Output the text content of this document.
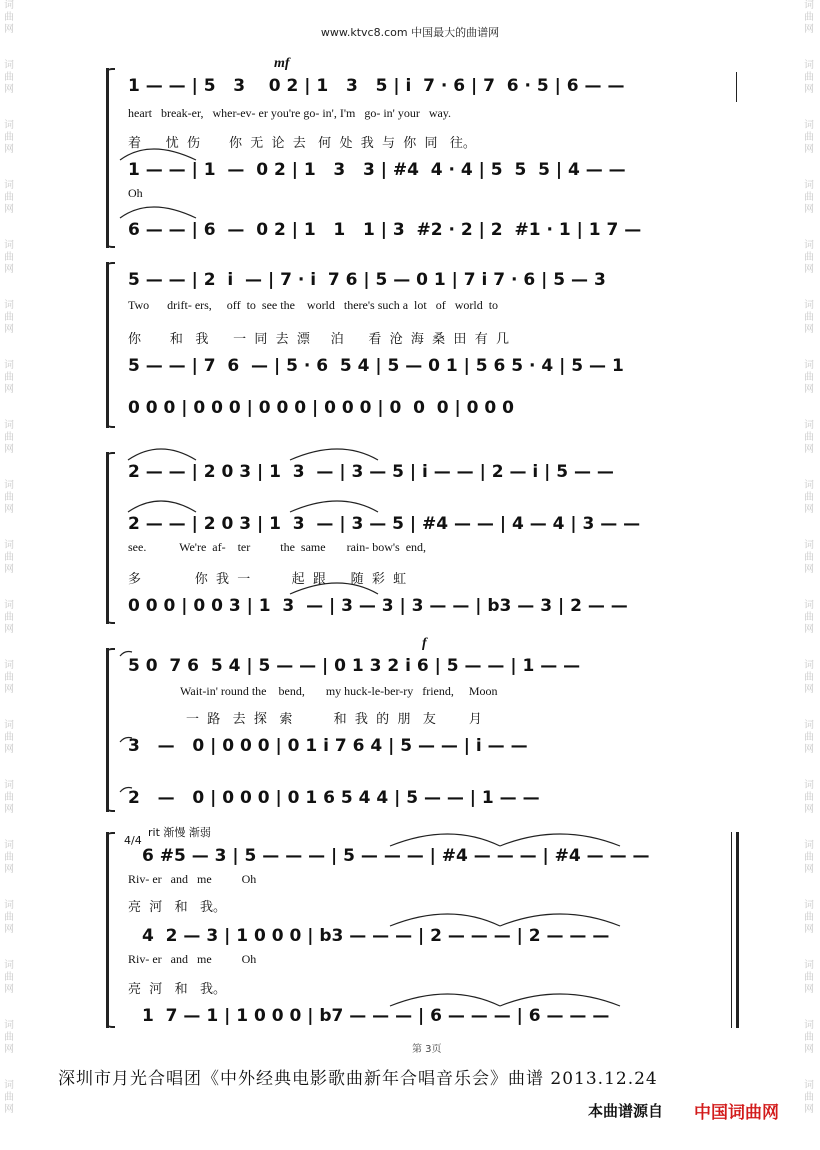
词
曲
网
词
曲
网
词
曲
网
词
曲
网
词
曲
网
词
曲
网
词
曲
网
词
曲
网
词
曲
网
词
曲
网
词
曲
网
词
曲
网
词
曲
网
词
曲
网
词
曲
网
词
曲
网
词
曲
网
词
曲
网
词
曲
网
词
曲
网
词
曲
网
词
曲
网
词
曲
网
词
曲
网
词
曲
网
词
曲
网
词
曲
网
词
曲
网
词
曲
网
词
曲
网
词
曲
网
词
曲
网
词
曲
网
词
曲
网
词
曲
网
词
曲
网
词
曲
网
词
曲
网
www.ktvc8.com 中国最大的曲谱网
mf
1 — — | 5   3    0 2 | 1   3   5 | i  7 · 6 | 7  6 · 5 | 6 — —
heart   break-er,   wher-ev- er you're go- in', I'm   go- in' your   way.
着      忧  伤       你  无  论  去   何  处  我  与  你  同   往。
1 — — | 1  —  0 2 | 1   3   3 | #4  4 · 4 | 5  5  5 | 4 — —
Oh
6 — — | 6  —  0 2 | 1   1   1 | 3  #2 · 2 | 2  #1 · 1 | 1 7 —
5 — — | 2  i  — | 7 · i  7 6 | 5 — 0 1 | 7 i 7 · 6 | 5 — 3
Two      drift- ers,     off  to  see the    world   there's such a  lot   of   world  to
你       和   我      一  同  去  漂     泊      看  沧  海  桑  田  有  几
5 — — | 7  6  — | 5 · 6  5 4 | 5 — 0 1 | 5 6 5 · 4 | 5 — 1
0 0 0 | 0 0 0 | 0 0 0 | 0 0 0 | 0  0  0 | 0 0 0
2 — — | 2 0 3 | 1  3  — | 3 — 5 | i — — | 2 — i | 5 — —
2 — — | 2 0 3 | 1  3  — | 3 — 5 | #4 — — | 4 — 4 | 3 — —
see.           We're  af-    ter          the  same       rain- bow's  end,
多             你  我  一          起  跟      随  彩  虹
0 0 0 | 0 0 3 | 1  3  — | 3 — 3 | 3 — — | b3 — 3 | 2 — —
f
5 0  7 6  5 4 | 5 — — | 0 1 3 2 i 6 | 5 — — | 1 — —
Wait-in' round the    bend,       my huck-le-ber-ry   friend,     Moon
一  路   去  探   索          和  我  的  朋   友        月
3   —   0 | 0 0 0 | 0 1 i 7 6 4 | 5 — — | i — —
2   —   0 | 0 0 0 | 0 1 6 5 4 4 | 5 — — | 1 — —
4/4
rit 渐慢 渐弱
6 #5 — 3 | 5 — — — | 5 — — — | #4 — — — | #4 — — —
Riv- er   and   me          Oh
亮  河   和   我。
4  2 — 3 | 1 0 0 0 | b3 — — — | 2 — — — | 2 — — —
Riv- er   and   me          Oh
亮  河   和   我。
1  7 — 1 | 1 0 0 0 | b7 — — — | 6 — — — | 6 — — —
第 3页
深圳市月光合唱团《中外经典电影歌曲新年合唱音乐会》曲谱 2013.12.24
本曲谱源自 中国词曲网
